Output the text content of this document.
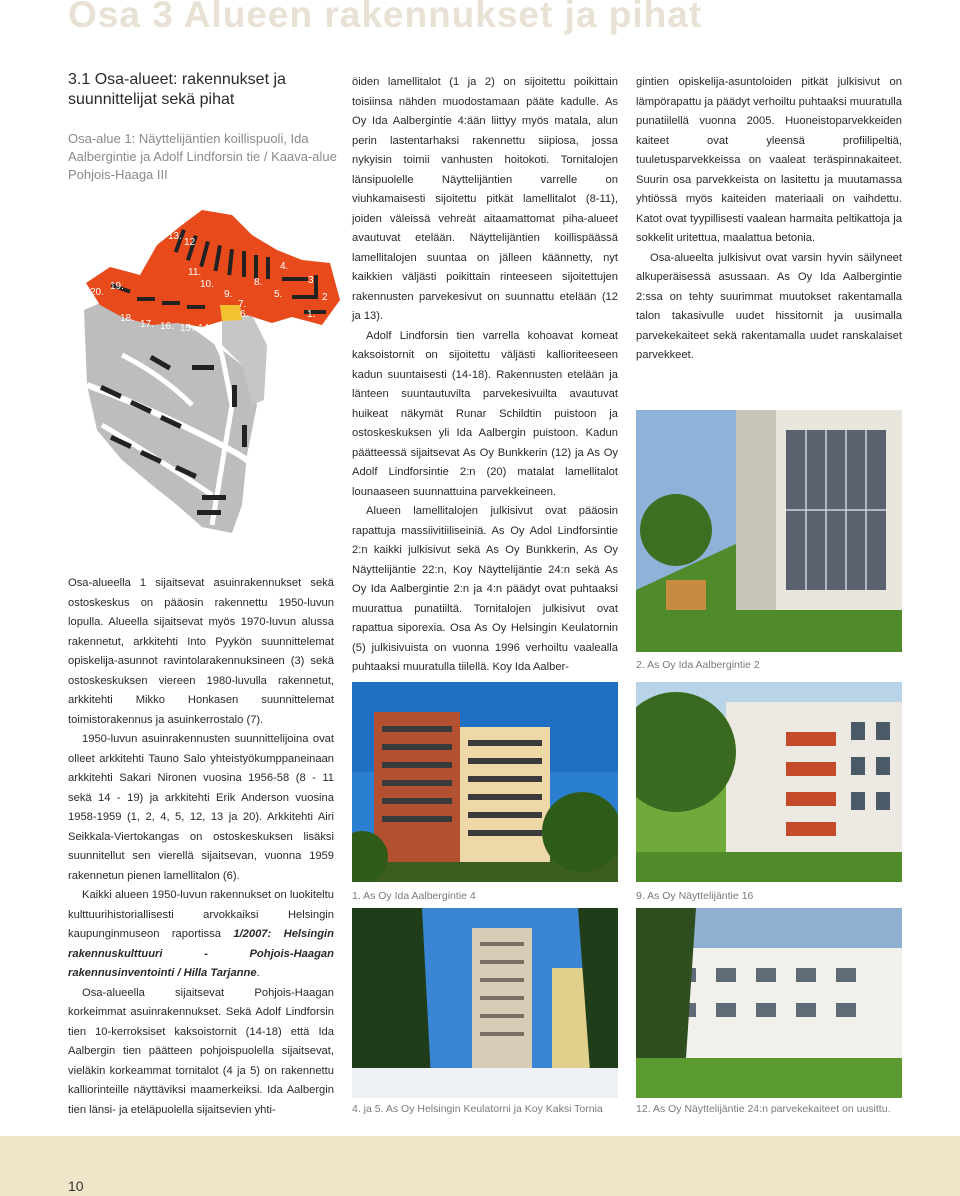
Osa 3 Alueen rakennukset ja pihat
3.1 Osa-alueet: rakennukset ja suunnittelijat sekä pihat
Osa-alue 1: Näyttelijäntien koillispuoli, Ida Aalbergintie ja Adolf Lindforsin tie / Kaava-alue Pohjois-Haaga III
1.
2
3
4.
5.
6.
7.
8.
9.
10.
11.
12
13.
14.
15.
16.
17.
18.
19.
20.

Osa-alueella 1 sijaitsevat asuinrakennukset sekä ostoskeskus on pääosin rakennettu 1950-luvun lopulla. Alueella sijaitsevat myös 1970-luvun alussa rakennetut, arkkitehti Into Pyykön suunnittelemat opiskelija-asunnot ravintolarakennuksineen (3) sekä ostoskeskuksen viereen 1980-luvulla rakennetut, arkkitehti Mikko Honkasen suunnittelemat toimistorakennus ja asuinkerrostalo (7).

1950-luvun asuinrakennusten suunnittelijoina ovat olleet arkkitehti Tauno Salo yhteistyökumppaneinaan arkkitehti Sakari Nironen vuosina 1956-58 (8 - 11 sekä 14 - 19) ja arkkitehti Erik Anderson vuosina 1958-1959 (1, 2, 4, 5, 12, 13 ja 20). Arkkitehti Airi Seikkala-Viertokangas on ostoskeskuksen lisäksi suunnitellut sen vierellä sijaitsevan, vuonna 1959 rakennetun pienen lamellitalon (6).

Kaikki alueen 1950-luvun rakennukset on luokiteltu kulttuurihistoriallisesti arvokkaiksi Helsingin kaupunginmuseon raportissa 1/2007: Helsingin rakennuskulttuuri - Pohjois-Haagan rakennusinventointi / Hilla Tarjanne.

Osa-alueella sijaitsevat Pohjois-Haagan korkeimmat asuinrakennukset. Sekä Adolf Lindforsin tien 10-kerroksiset kaksoistornit (14-18) että Ida Aalbergin tien päätteen pohjoispuolella sijaitsevat, vieläkin korkeammat tornitalot (4 ja 5) on rakennettu kalliorinteille näyttäviksi maamerkeiksi. Ida Aalbergin tien länsi- ja eteläpuolella sijaitsevien yhti-

öiden lamellitalot (1 ja 2) on sijoitettu poikittain toisiinsa nähden muodostamaan pääte kadulle. As Oy Ida Aalbergintie 4:ään liittyy myös matala, alun perin lastentarhaksi rakennettu siipiosa, jossa nykyisin toimii vanhusten hoitokoti. Tornitalojen länsipuolelle Näyttelijäntien varrelle on viuhkamaisesti sijoitettu pitkät lamellitalot (8-11), joiden väleissä vehreät aitaamattomat piha-alueet avautuvat etelään. Näyttelijäntien koillispäässä lamellitalojen suuntaa on jälleen käännetty, nyt kaikkien väljästi poikittain rinteeseen sijoitettujen rakennusten parvekesivut on suunnattu etelään (12 ja 13).

Adolf Lindforsin tien varrella kohoavat komeat kaksoistornit on sijoitettu väljästi kallioriteeseen kadun suuntaisesti (14-18). Rakennusten etelään ja länteen suuntautuvilta parvekesivuilta avautuvat huikeat näkymät Runar Schildtin puistoon ja ostoskeskuksen yli Ida Aalbergin puistoon. Kadun päätteessä sijaitsevat As Oy Bunkkerin (12) ja As Oy Adolf Lindforsintie 2:n (20) matalat lamellitalot lounaaseen suunnattuina parvekkeineen.

Alueen lamellitalojen julkisivut ovat pääosin rapattuja massiivitiiliseiniä. As Oy Adol Lindforsintie 2:n kaikki julkisivut sekä As Oy Bunkkerin, As Oy Näyttelijäntie 22:n, Koy Näyttelijäntie 24:n sekä As Oy Ida Aalbergintie 2:n ja 4:n päädyt ovat puhtaaksi muurattua punatiiltä. Tornitalojen julkisivut ovat rapattua siporexia. Osa As Oy Helsingin Keulatornin (5) julkisivuista on vuonna 1996 verhoiltu vaalealla puhtaaksi muuratulla tiilellä. Koy Ida Aalber-

gintien opiskelija-asuntoloiden pitkät julkisivut on lämpörapattu ja päädyt verhoiltu puhtaaksi muuratulla punatiilellä vuonna 2005. Huoneistoparvekkeiden kaiteet ovat yleensä profiilipeltiä, tuuletusparvekkeissa on vaaleat teräspinnakaiteet. Suurin osa parvekkeista on lasitettu ja muutamassa yhtiössä myös kaiteiden materiaali on vaihdettu. Katot ovat tyypillisesti vaalean harmaita peltikattoja ja sokkelit uritettua, maalattua betonia.

Osa-alueelta julkisivut ovat varsin hyvin säilyneet alkuperäisessä asussaan. As Oy Ida Aalbergintie 2:ssa on tehty suurimmat muutokset rakentamalla talon takasivulle uudet hissitornit ja uusimalla parvekekaiteet sekä rakentamalla uudet ranskalaiset parvekkeet.

1. As Oy Ida Aalbergintie 4
2. As Oy Ida Aalbergintie 2
9. As Oy Näyttelijäntie 16
4. ja 5. As Oy Helsingin Keulatorni ja Koy Kaksi Tornia	12. As Oy Näyttelijäntie 24:n parvekekaiteet on uusittu.
10
